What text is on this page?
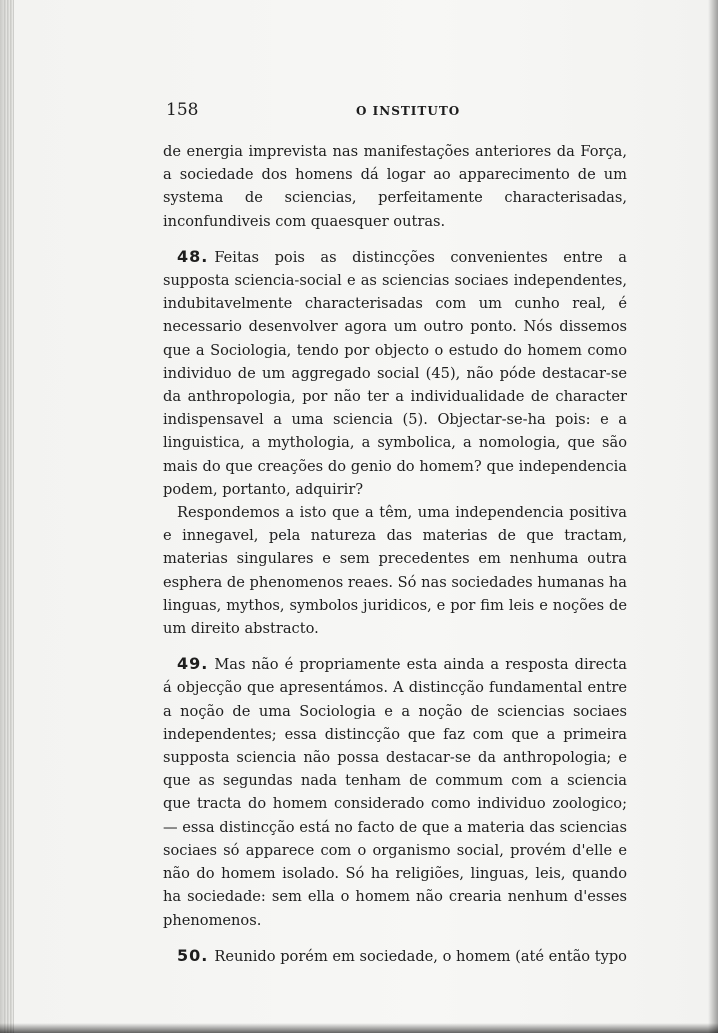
158	O INSTITUTO

de energia imprevista nas manifestações anteriores da Força, a sociedade dos homens dá logar ao apparecimento de um systema de sciencias, perfeitamente characterisadas, inconfundiveis com quaesquer outras.

48. Feitas pois as distincções convenientes entre a supposta sciencia-social e as sciencias sociaes independentes, indubitavelmente characterisadas com um cunho real, é necessario desenvolver agora um outro ponto. Nós dissemos que a Sociologia, tendo por objecto o estudo do homem como individuo de um aggregado social (45), não póde destacar-se da anthropologia, por não ter a individualidade de character indispensavel a uma sciencia (5). Objectar-se-ha pois: e a linguistica, a mythologia, a symbolica, a nomologia, que são mais do que creações do genio do homem? que independencia podem, portanto, adquirir?

Respondemos a isto que a têm, uma independencia positiva e innegavel, pela natureza das materias de que tractam, materias singulares e sem precedentes em nenhuma outra esphera de phenomenos reaes. Só nas sociedades humanas ha linguas, mythos, symbolos juridicos, e por fim leis e noções de um direito abstracto.

49. Mas não é propriamente esta ainda a resposta directa á objecção que apresentámos. A distincção fundamental entre a noção de uma Sociologia e a noção de sciencias sociaes independentes; essa distincção que faz com que a primeira supposta sciencia não possa destacar-se da anthropologia; e que as segundas nada tenham de commum com a sciencia que tracta do homem considerado como individuo zoologico; — essa distincção está no facto de que a materia das sciencias sociaes só apparece com o organismo social, provém d'elle e não do homem isolado. Só ha religiões, linguas, leis, quando ha sociedade: sem ella o homem não crearia nenhum d'esses phenomenos.

50. Reunido porém em sociedade, o homem (até então typo
